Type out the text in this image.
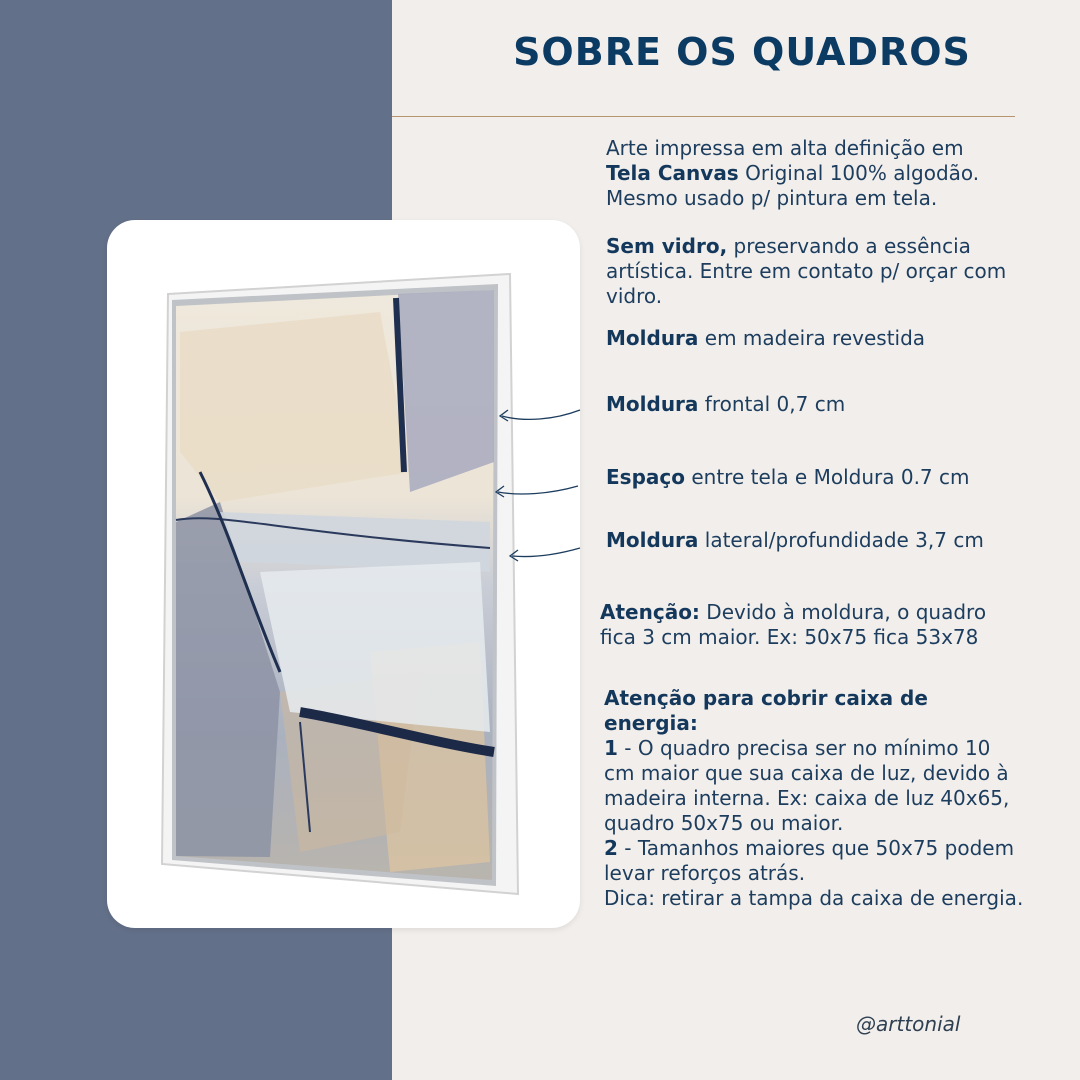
SOBRE OS QUADROS
Arte impressa em alta definição em
Tela Canvas Original 100% algodão.
Mesmo usado p/ pintura em tela.
Sem vidro, preservando a essência artística. Entre em contato p/ orçar com vidro.
Moldura em madeira revestida
Moldura frontal 0,7 cm
Espaço entre tela e Moldura 0.7 cm
Moldura lateral/profundidade 3,7 cm
Atenção: Devido à moldura, o quadro fica 3 cm maior. Ex: 50x75 fica 53x78
Atenção para cobrir caixa de energia:
1 - O quadro precisa ser no mínimo 10 cm maior que sua caixa de luz, devido à madeira interna. Ex: caixa de luz 40x65, quadro 50x75 ou maior.
2 - Tamanhos maiores que 50x75 podem levar reforços atrás.
Dica: retirar a tampa da caixa de energia.
@arttonial
